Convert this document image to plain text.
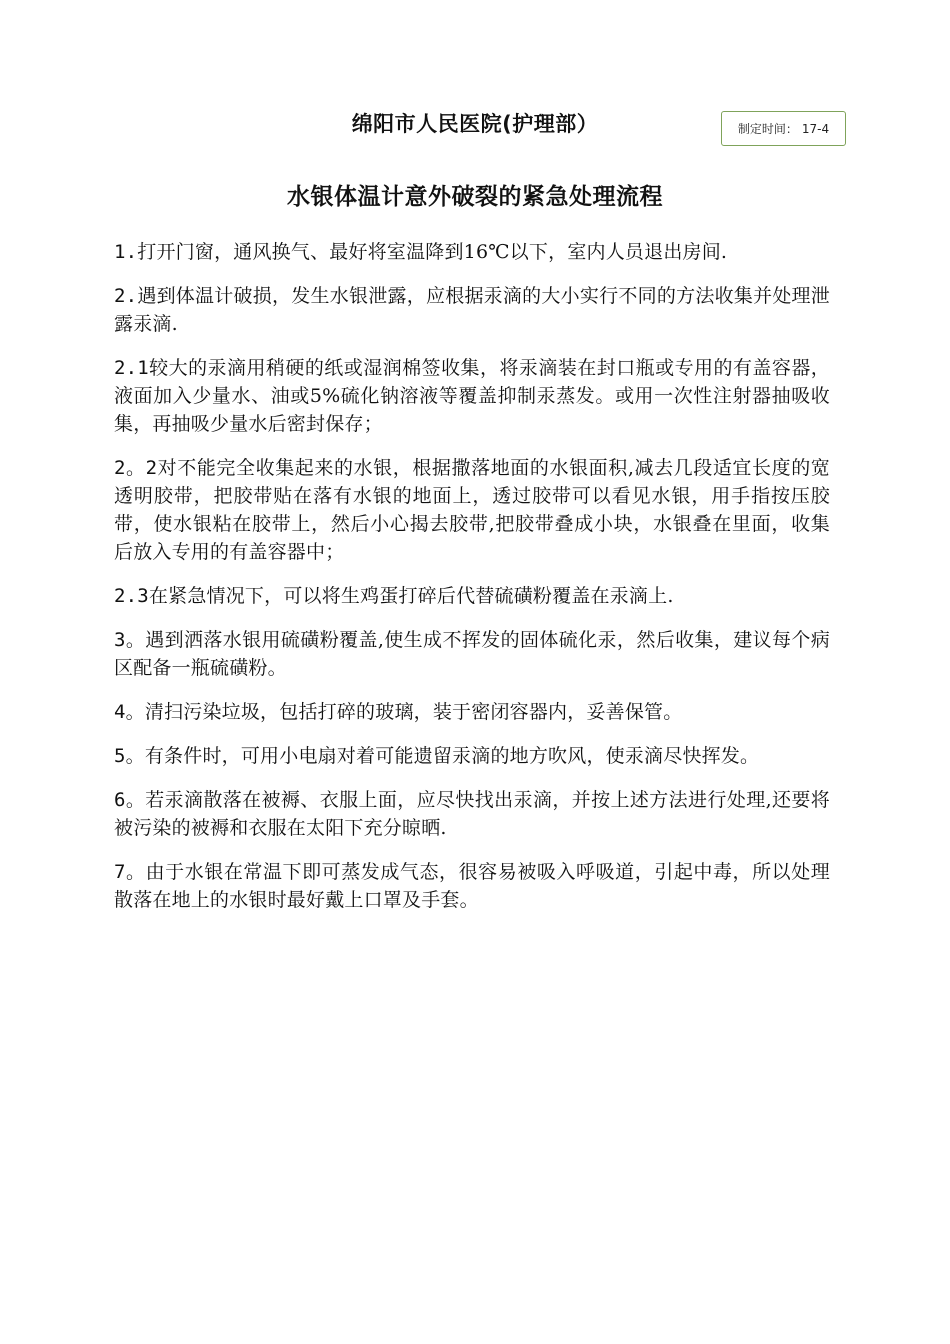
绵阳市人民医院(护理部）	制定时间： 17-4
水银体温计意外破裂的紧急处理流程

1.打开门窗，通风换气、最好将室温降到16℃以下，室内人员退出房间.

2.遇到体温计破损，发生水银泄露，应根据汞滴的大小实行不同的方法收集并处理泄露汞滴.

2.1较大的汞滴用稍硬的纸或湿润棉签收集，将汞滴装在封口瓶或专用的有盖容器，液面加入少量水、油或5%硫化钠溶液等覆盖抑制汞蒸发。或用一次性注射器抽吸收集，再抽吸少量水后密封保存；

2。2对不能完全收集起来的水银，根据撒落地面的水银面积,减去几段适宜长度的宽透明胶带，把胶带贴在落有水银的地面上，透过胶带可以看见水银，用手指按压胶带，使水银粘在胶带上，然后小心揭去胶带,把胶带叠成小块，水银叠在里面，收集后放入专用的有盖容器中；

2.3在紧急情况下，可以将生鸡蛋打碎后代替硫磺粉覆盖在汞滴上.

3。遇到洒落水银用硫磺粉覆盖,使生成不挥发的固体硫化汞，然后收集，建议每个病区配备一瓶硫磺粉。

4。清扫污染垃圾，包括打碎的玻璃，装于密闭容器内，妥善保管。

5。有条件时，可用小电扇对着可能遗留汞滴的地方吹风，使汞滴尽快挥发。

6。若汞滴散落在被褥、衣服上面，应尽快找出汞滴，并按上述方法进行处理,还要将被污染的被褥和衣服在太阳下充分晾晒.

7。由于水银在常温下即可蒸发成气态，很容易被吸入呼吸道，引起中毒，所以处理散落在地上的水银时最好戴上口罩及手套。
